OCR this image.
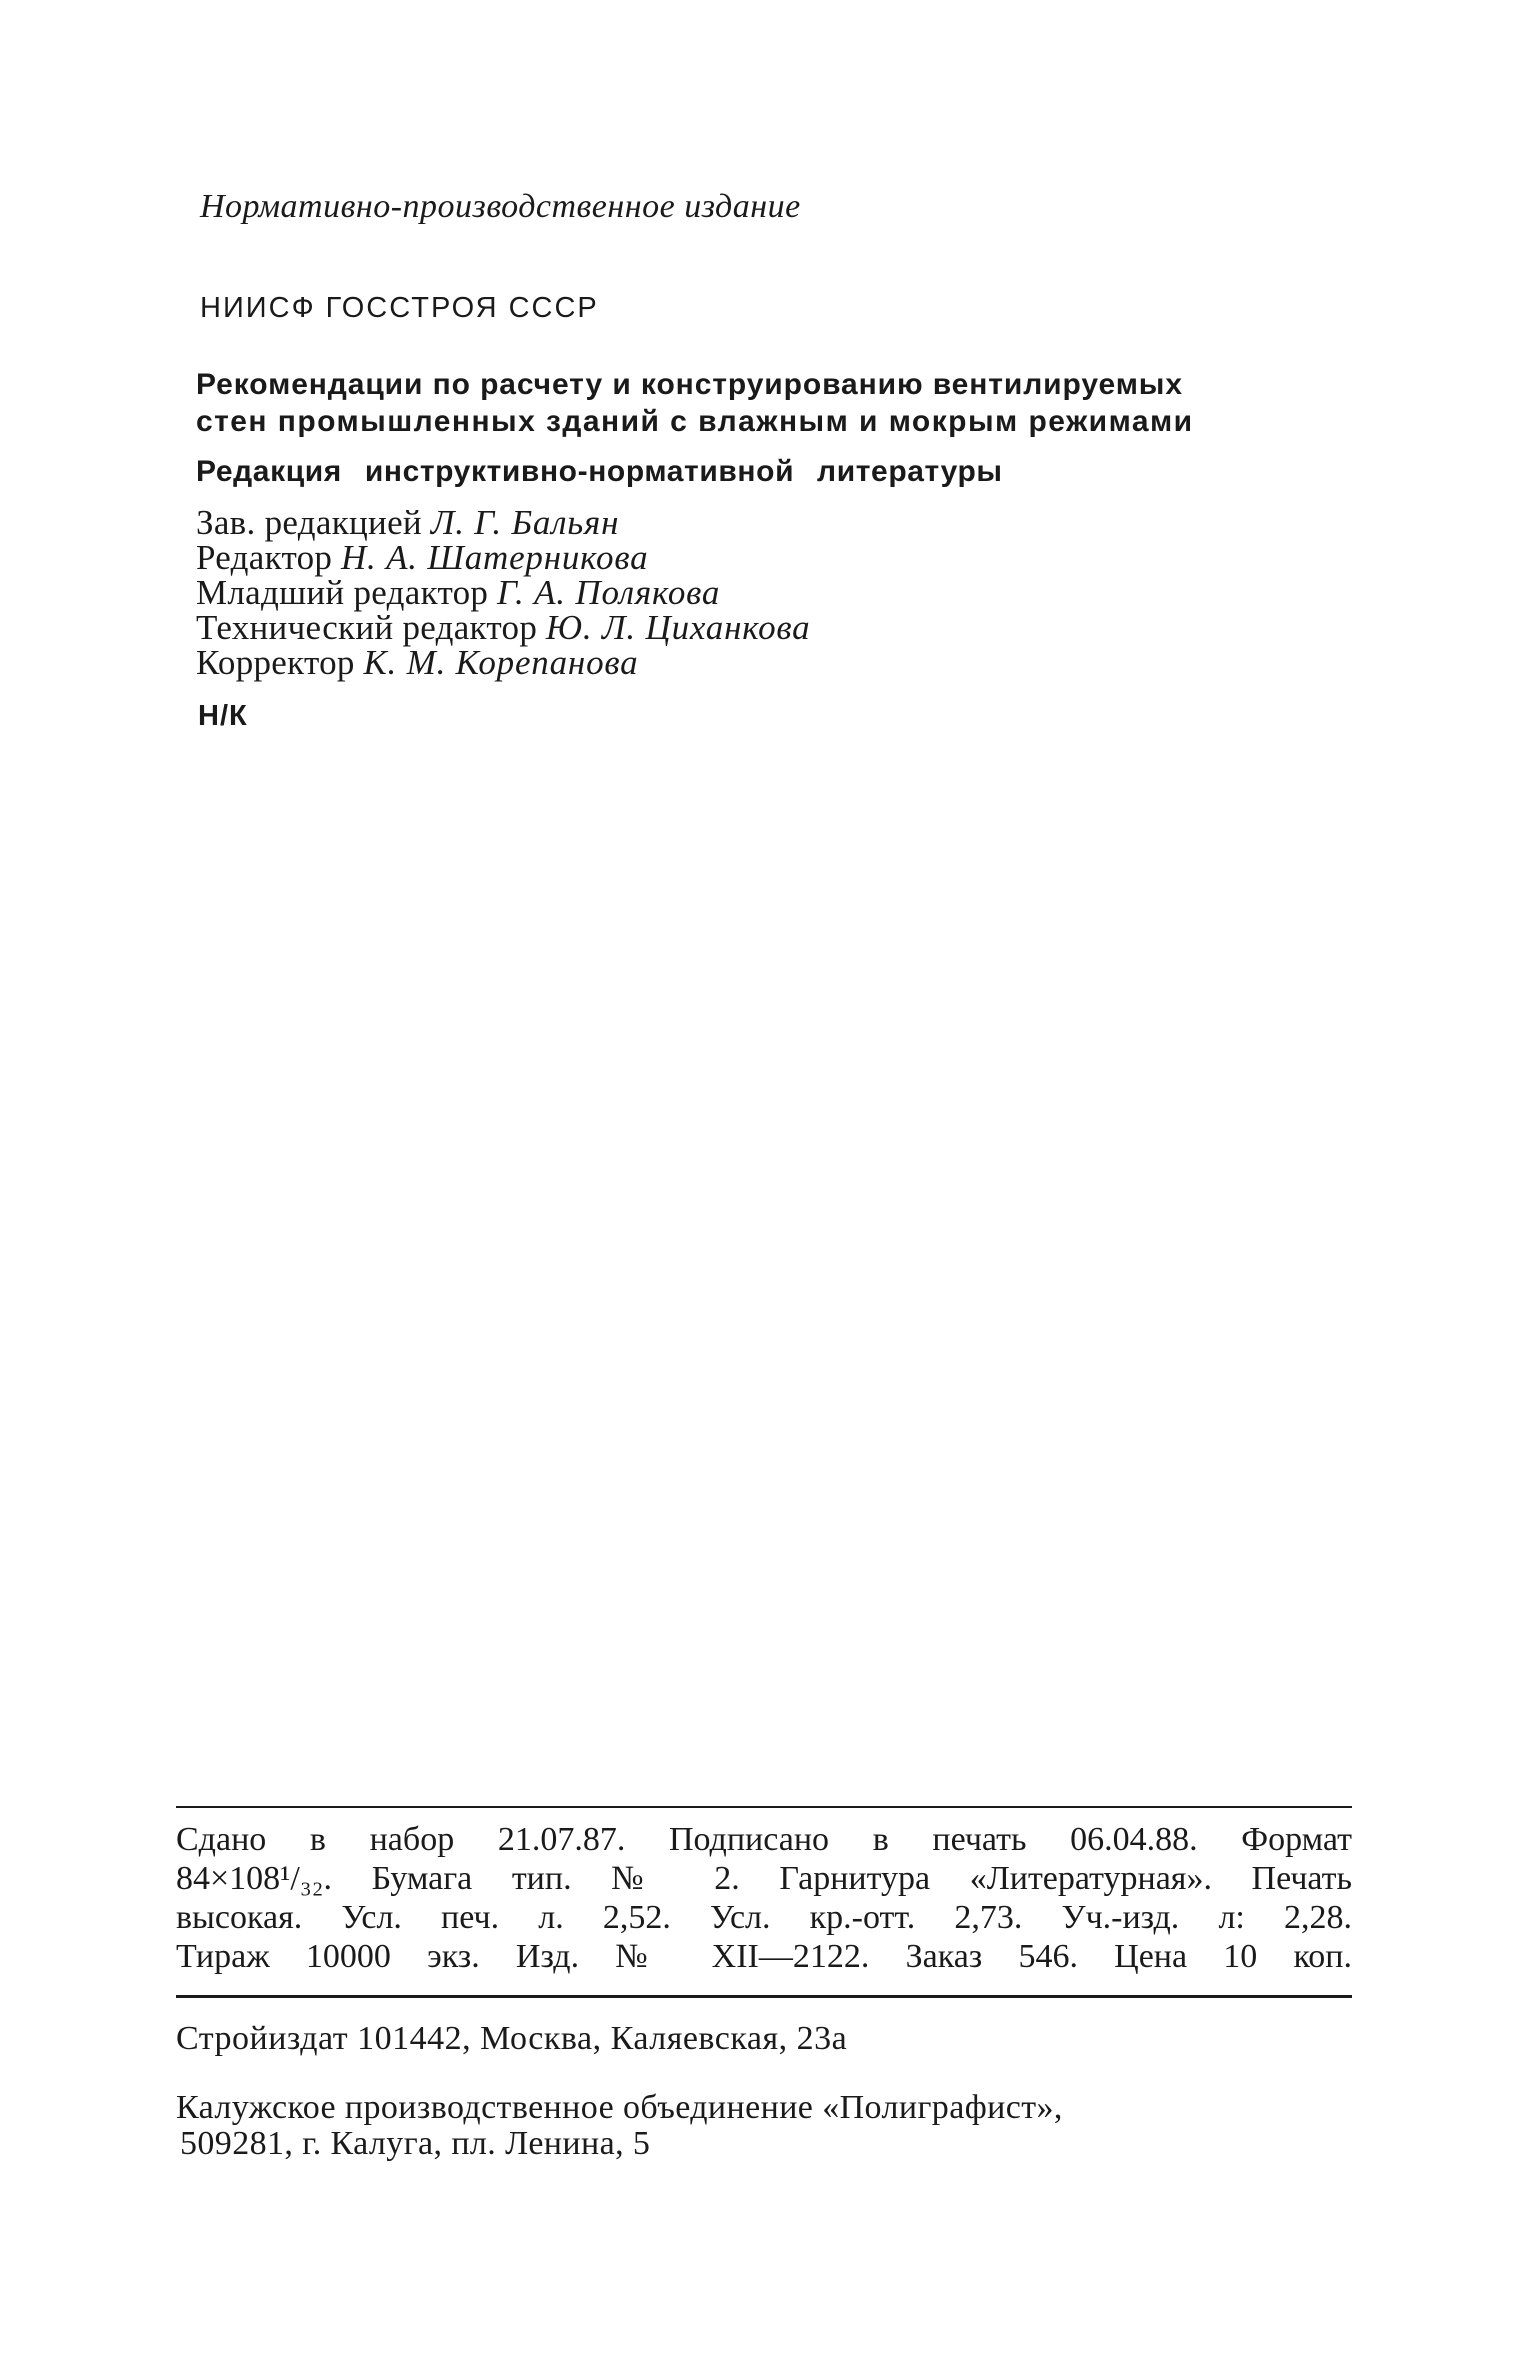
Нормативно-производственное издание
НИИСФ ГОССТРОЯ СССР
Рекомендации по расчету и конструированию вентилируемых
стен промышленных зданий с влажным и мокрым режимами
Редакция инструктивно-нормативной литературы
Зав. редакцией Л. Г. Бальян
Редактор Н. А. Шатерникова
Младший редактор Г. А. Полякова
Технический редактор Ю. Л. Циханкова
Корректор К. М. Корепанова
Н/К
Сдано в набор 21.07.87. Подписано в печать 06.04.88. Формат
84×108¹/₃₂. Бумага тип. № 2. Гарнитура «Литературная». Печать
высокая. Усл. печ. л. 2,52. Усл. кр.-отт. 2,73. Уч.-изд. л: 2,28.
Тираж 10000 экз. Изд. № XII—2122. Заказ 546. Цена 10 коп.
Стройиздат 101442, Москва, Каляевская, 23а
Калужское производственное объединение «Полиграфист»,
509281, г. Калуга, пл. Ленина, 5
